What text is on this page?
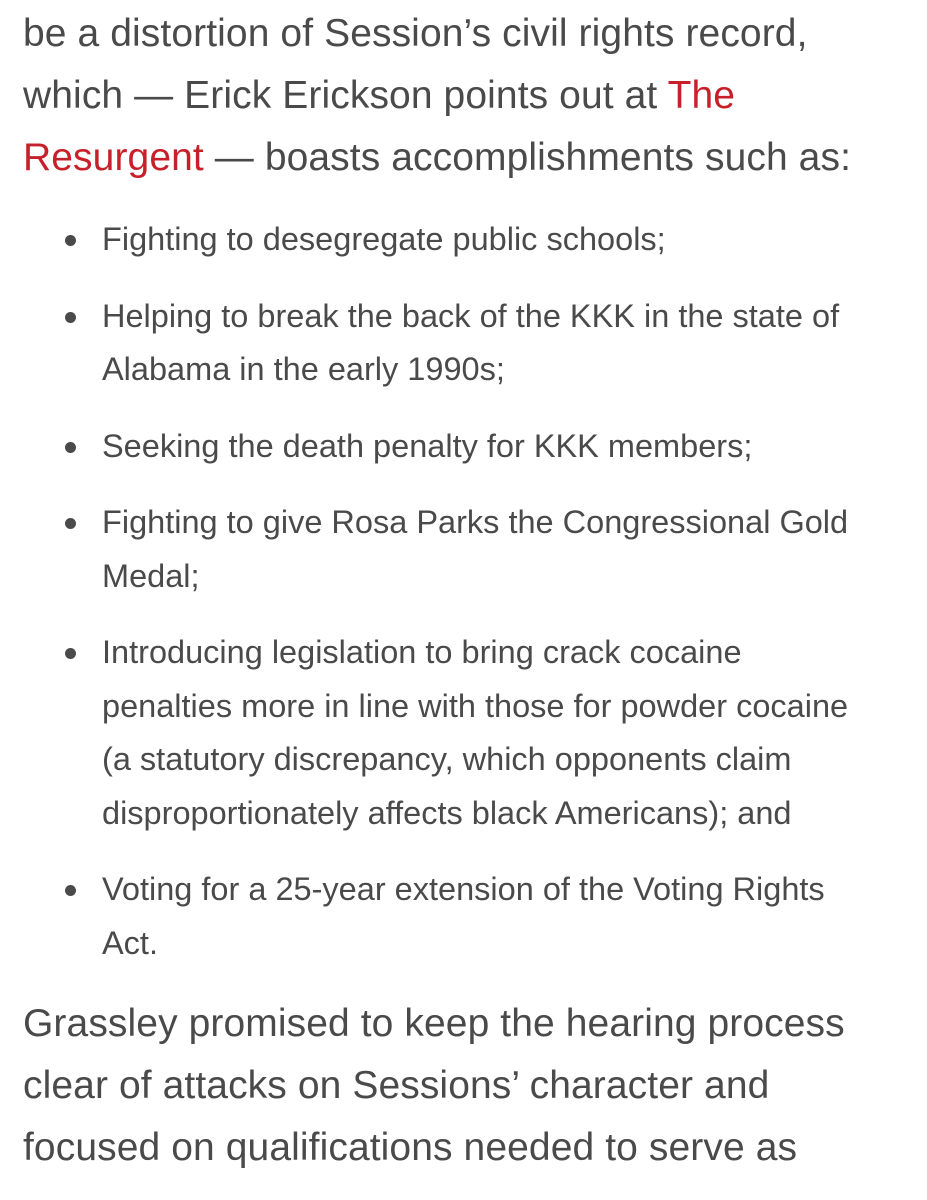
be a distortion of Session’s civil rights record,
which — Erick Erickson points out at The
Resurgent — boasts accomplishments such as:

Fighting to desegregate public schools;
Helping to break the back of the KKK in the state of
Alabama in the early 1990s;
Seeking the death penalty for KKK members;
Fighting to give Rosa Parks the Congressional Gold
Medal;
Introducing legislation to bring crack cocaine
penalties more in line with those for powder cocaine
(a statutory discrepancy, which opponents claim
disproportionately affects black Americans); and
Voting for a 25-year extension of the Voting Rights
Act.

Grassley promised to keep the hearing process
clear of attacks on Sessions’ character and
focused on qualifications needed to serve as
